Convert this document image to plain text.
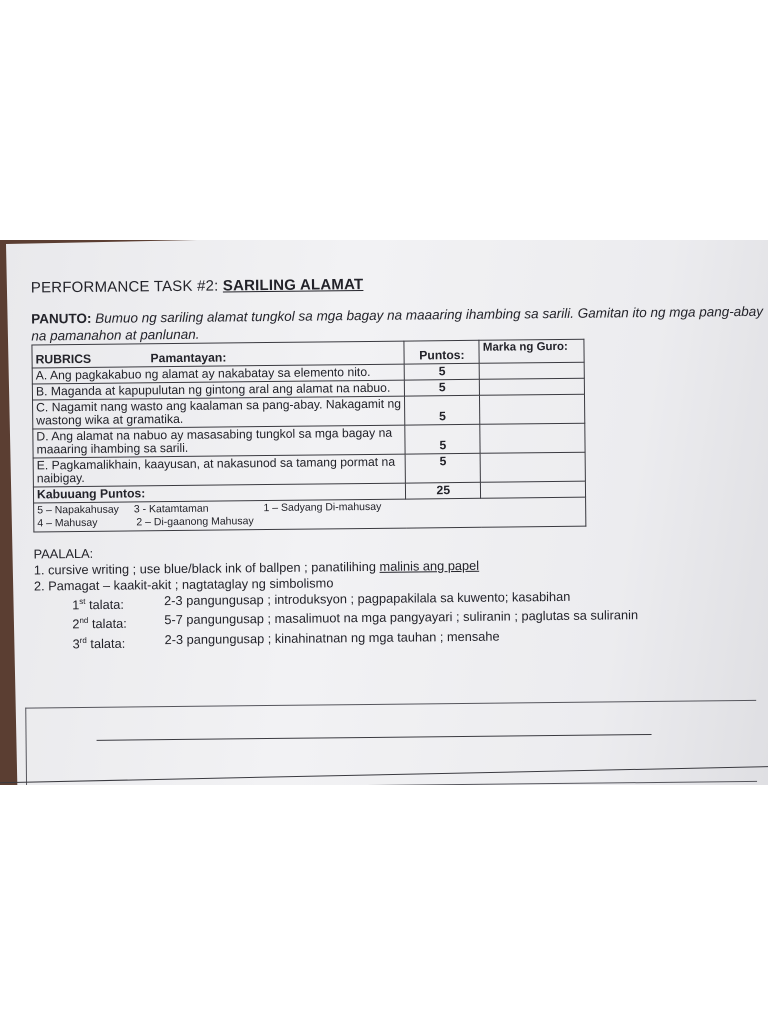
PERFORMANCE TASK #2: SARILING ALAMAT
PANUTO: Bumuo ng sariling alamat tungkol sa mga bagay na maaaring ihambing sa sarili. Gamitan ito ng mga pang-abay na pamanahon at panlunan.
RUBRICS Pamantayan:	Puntos:	Marka ng Guro:
A. Ang pagkakabuo ng alamat ay nakabatay sa elemento nito.	5	
B. Maganda at kapupulutan ng gintong aral ang alamat na nabuo.	5	
C. Nagamit nang wasto ang kaalaman sa pang-abay. Nakagamit ng wastong wika at gramatika.	5	
D. Ang alamat na nabuo ay masasabing tungkol sa mga bagay na maaaring ihambing sa sarili.	5	
E. Pagkamalikhain, kaayusan, at nakasunod sa tamang pormat na naibigay.	5	
Kabuuang Puntos:	25	

5 – Napakahusay 3 - Katamtaman 1 – Sadyang Di-mahusay
4 – Mahusay 2 – Di-gaanong Mahusay		
PAALALA:
1. cursive writing ; use blue/black ink of ballpen ; panatilihing malinis ang papel
2. Pamagat – kaakit-akit ; nagtataglay ng simbolismo
1st talata:	2-3 pangungusap ; introduksyon ; pagpapakilala sa kuwento; kasabihan
2nd talata:	5-7 pangungusap ; masalimuot na mga pangyayari ; suliranin ; paglutas sa suliranin
3rd talata:	2-3 pangungusap ; kinahinatnan ng mga tauhan ; mensahe
